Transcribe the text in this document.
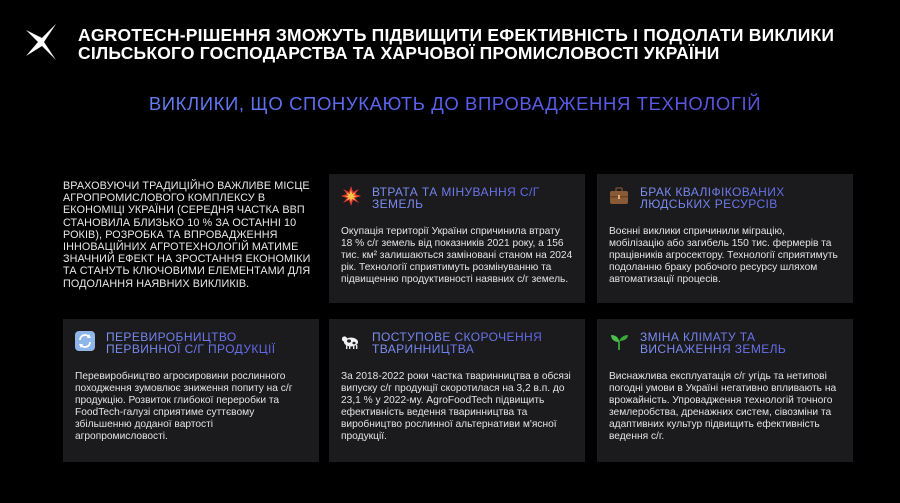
AGROTECH-РІШЕННЯ ЗМОЖУТЬ ПІДВИЩИТИ ЕФЕКТИВНІСТЬ І ПОДОЛАТИ ВИКЛИКИ
СІЛЬСЬКОГО ГОСПОДАРСТВА ТА ХАРЧОВОЇ ПРОМИСЛОВОСТІ УКРАЇНИ
ВИКЛИКИ, ЩО СПОНУКАЮТЬ ДО ВПРОВАДЖЕННЯ ТЕХНОЛОГІЙ

ВРАХОВУЮЧИ ТРАДИЦІЙНО ВАЖЛИВЕ МІСЦЕ АГРОПРОМИСЛОВОГО КОМПЛЕКСУ В ЕКОНОМІЦІ УКРАЇНИ (СЕРЕДНЯ ЧАСТКА ВВП СТАНОВИЛА БЛИЗЬКО 10 % ЗА ОСТАННІ 10 РОКІВ), РОЗРОБКА ТА ВПРОВАДЖЕННЯ ІННОВАЦІЙНИХ АГРОТЕХНОЛОГІЙ МАТИМЕ ЗНАЧНИЙ ЕФЕКТ НА ЗРОСТАННЯ ЕКОНОМІКИ ТА СТАНУТЬ КЛЮЧОВИМИ ЕЛЕМЕНТАМИ ДЛЯ ПОДОЛАННЯ НАЯВНИХ ВИКЛИКІВ.

ВТРАТА ТА МІНУВАННЯ С/Г ЗЕМЕЛЬ

Окупація території України спричинила втрату 18 % с/г земель від показників 2021 року, а 156 тис. км² залишаються замінованi станом на 2024 рік. Технології сприятимуть розмінуванню та підвищенню продуктивності наявних с/г земель.

БРАК КВАЛІФІКОВАНИХ ЛЮДСЬКИХ РЕСУРСІВ

Воєнні виклики спричинили міграцію, мобілізацію або загибель 150 тис. фермерів та працівників агросектору. Технології сприятимуть подоланню браку робочого ресурсу шляхом автоматизації процесів.

ПЕРЕВИРОБНИЦТВО ПЕРВИННОЇ С/Г ПРОДУКЦІЇ

Перевиробництво агросировини рослинного походження зумовлює зниження попиту на с/г продукцію. Розвиток глибокої переробки та FoodTech-галузі сприятиме суттєвому збільшенню доданої вартості агропромисловості.

ПОСТУПОВЕ СКОРОЧЕННЯ ТВАРИННИЦТВА

За 2018-2022 роки частка тваринництва в обсязі випуску с/г продукції скоротилася на 3,2 в.п. до 23,1 % у 2022-му. AgroFoodTech підвищить ефективність ведення тваринництва та виробництво рослинної альтернативи м'ясної продукції.

ЗМІНА КЛІМАТУ ТА ВИСНАЖЕННЯ ЗЕМЕЛЬ

Виснажлива експлуатація с/г угідь та нетипові погодні умови в Україні негативно впливають на врожайність. Упровадження технологій точного землеробства, дренажних систем, сівозміни та адаптивних культур підвищить ефективність ведення с/г.
